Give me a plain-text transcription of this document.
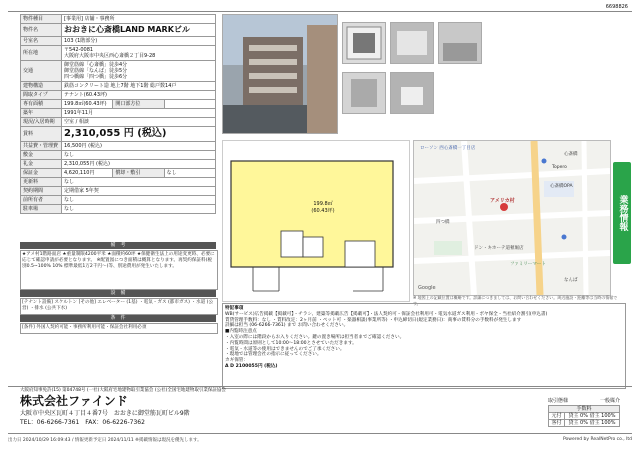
6698826
物件種目	[事業用] 店舗・事務所		
物件名	おおきに心斎橋LAND MARKビル		
号室名	103 (1階部分)		
所在地	〒542-0081
大阪府大阪市中央区西心斎橋２丁目9-28		

交通	御堂筋線「心斎橋」徒歩4分
御堂筋線「なんば」徒歩5分
四つ橋線「四つ橋」徒歩6分		

建物構造	鉄筋コンクリート造 地上7階 地下1階 総戸数14戸		
間取タイプ	テナント(60.43坪)		
専有面積	199.8㎡(60.43坪)	開口部方位	
築年	1991年11月		
現況/入居時期	空室 / 相談		
賃料	2,310,055 円 (税込)		
共益費・管理費	16,500円 (税込)		
敷金	なし		
礼金	2,310,055円 (税込)		
保証金	4,620,110円	償却・敷引	なし
更新料	なし		
契約期間	定期借家 5年契		
前所有者	なし		
駐車場	なし		
備　考
★アメ村1階路面店 ★重量制限4200平米 ★面積約60坪 ★保健衛生法上の用途変更時、必要に応じて確認申請が必要となります。 ※配置図につき面積は概算となります。再契約保証料(税別0.5~100% 10% 標準最低1万2千円～)等、別途費用が発生いたします。
設　備
[テナント設備] スケルトン [その他] エレベーター (1基) ・電気・ガス (都市ガス) ・水道 (公営) ・排水 (公共下水)
条　件
[条件] 外国人契約可能・事務所利用可能・保証会社利用必須
199.8㎡
(60.43坪)
ローソン 西心斎橋一丁目店
心斎橋OPA
アメリカ村
ドン・キホーテ道頓堀店
なんば
四つ橋
心斎橋
Topero
ファミリーマート
Google
※ 地図上の記載位置は概略です。詳細につきましては、お問い合わせください。周辺施設・距離等は当時の情報です。
業務情報
特記事項
WB(サービス)広告掲載【掲載可】・チラシ、建築等掲載広告【掲載可】・法人契約可・保証会社利用可・電気水道ガス利用・ボヤ保全・当社紹介割引(申込書)
賃貸管理手数料：なし ・賃料改定：2ヶ月前 ・ペット可 ・楽器相談(事業所等) ・申込締切日(規定業務日)：商事の賃料分の手数料が発生します
詳細は担当 (06-6266-7361) まで お問い合わせください。
■内覧時注意点
・入室の際には階段からお入りください。鍵の置き場所は担当者までご確認ください。
・内覧時間は原則として10:00～18:00とさせていただきます。
・電気・水道等の使用はできませんのでご了承ください。
・現地では管理会社の指示に従ってください。
カギ保管：
A D 2100055円 (税込)
大阪府知事免許(15) 第04748号 (一社)大阪府宅地建物取引業協会 (公社)全国宅地建物取引業保証協会
株式会社ファインド
大阪市中央区瓦町４丁目４番7号　おおきに御堂筋瓦町ビル9階
TEL：06-6266-7361　FAX：06-6226-7362
取引態様	一般媒介
手数料	
元付	貸主 0% 借主 100%
客付	貸主 0% 借主 100%
出力日 2024/10/29 16:09:43 / 情報更新予定日 2024/11/11 ※掲載情報は現況を優先します。	Powered by RealNetPro co., ltd
